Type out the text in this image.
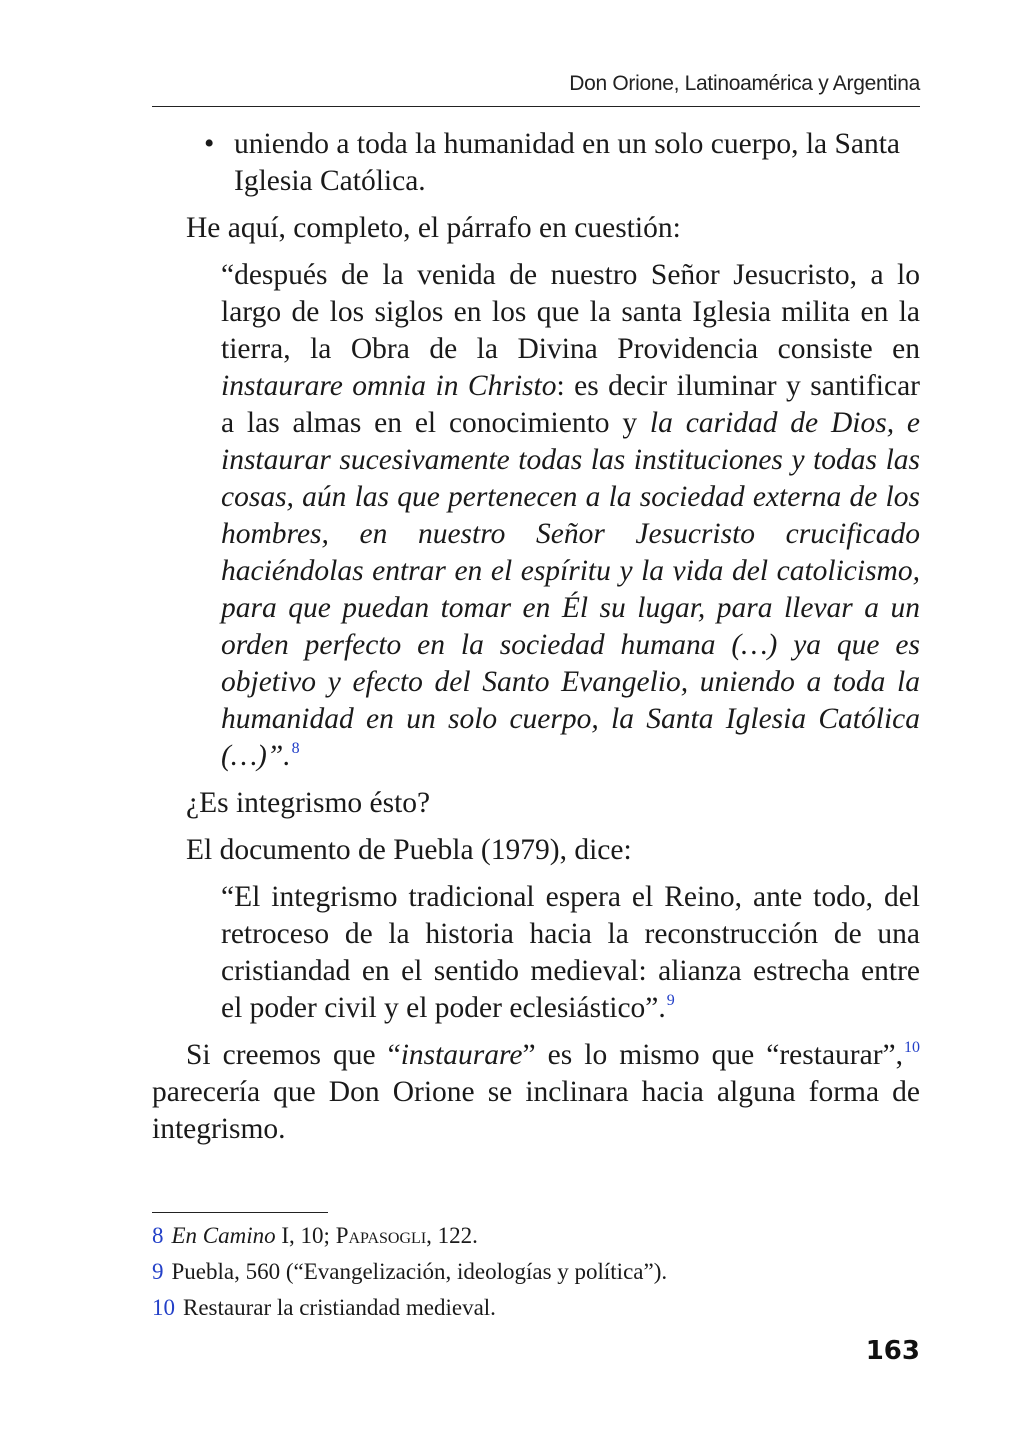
Don Orione, Latinoamérica y Argentina

• uniendo a toda la humanidad en un solo cuerpo, la Santa Iglesia Católica.

He aquí, completo, el párrafo en cuestión:

“después de la venida de nuestro Señor Jesucristo, a lo largo de los siglos en los que la santa Iglesia milita en la tierra, la Obra de la Divina Providencia consiste en instaurare omnia in Christo: es decir iluminar y santificar a las almas en el conocimiento y la caridad de Dios, e instaurar sucesivamente todas las instituciones y todas las cosas, aún las que pertenecen a la sociedad externa de los hombres, en nuestro Señor Jesucristo crucificado haciéndolas entrar en el espíritu y la vida del catolicismo, para que puedan tomar en Él su lugar, para llevar a un orden perfecto en la sociedad humana (…) ya que es objetivo y efecto del Santo Evangelio, uniendo a toda la humanidad en un solo cuerpo, la Santa Iglesia Católica (…)”.$^8$

¿Es integrismo ésto?

El documento de Puebla (1979), dice:

“El integrismo tradicional espera el Reino, ante todo, del retroceso de la historia hacia la reconstrucción de una cristiandad en el sentido medieval: alianza estrecha entre el poder civil y el poder eclesiástico”.$^9$

Si creemos que “instaurare” es lo mismo que “restaurar”,$^{10}$ parecería que Don Orione se inclinara hacia alguna forma de integrismo.

8 En Camino I, 10; Papasogli, 122.

9 Puebla, 560 (“Evangelización, ideologías y política”).

10 Restaurar la cristiandad medieval.

163
